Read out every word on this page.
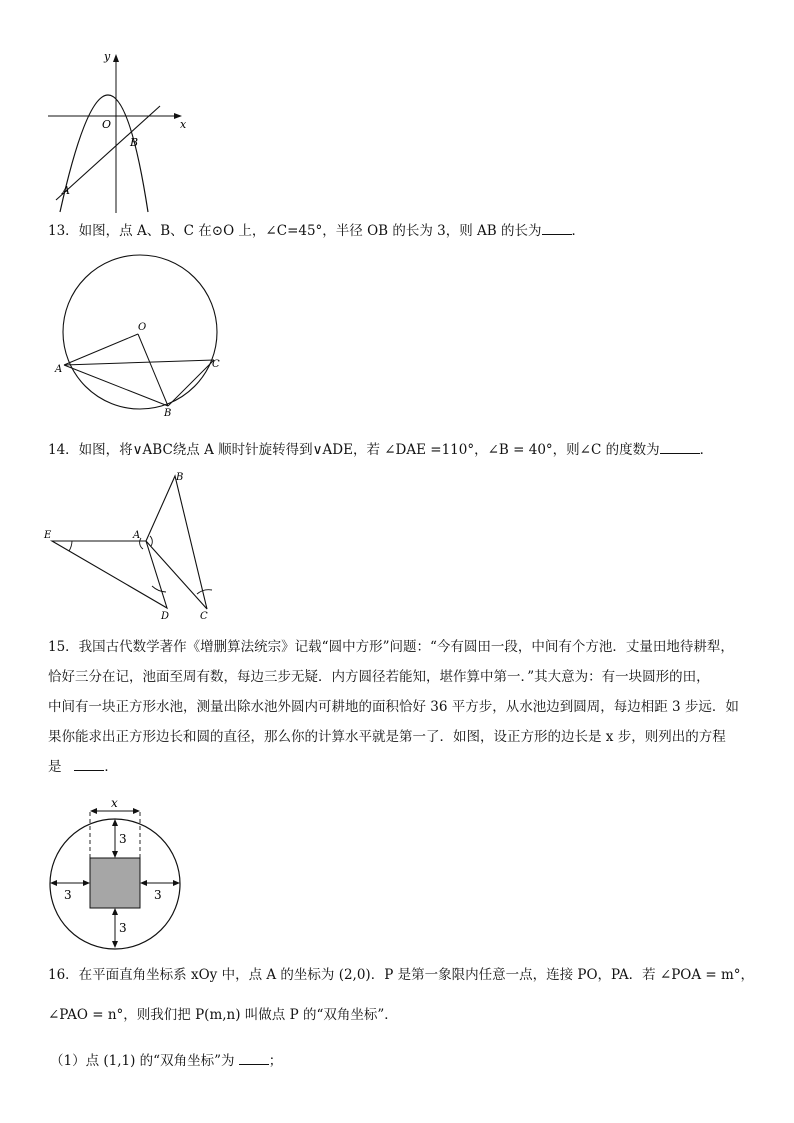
y
x
O
B
A
13．如图，点 A、B、C 在⊙O 上，∠C=45°，半径 OB 的长为 3，则 AB 的长为 ．
O
A
B
C
14．如图，将∨ABC绕点 A 顺时针旋转得到∨ADE，若 ∠DAE =110°，∠B = 40°，则∠C 的度数为	．
B
E	A
D	C
15．我国古代数学著作《增删算法统宗》记载“圆中方形”问题：“今有圆田一段，中间有个方池．丈量田地待耕犁，
恰好三分在记，池面至周有数，每边三步无疑．内方圆径若能知，堪作算中第一．”其大意为：有一块圆形的田，
中间有一块正方形水池，测量出除水池外圆内可耕地的面积恰好 36 平方步，从水池边到圆周，每边相距 3 步远．如
果你能求出正方形边长和圆的直径，那么你的计算水平就是第一了．如图，设正方形的边长是 x 步，则列出的方程
是	．
x
3
3	3
3
16．在平面直角坐标系 xOy 中，点 A 的坐标为 (2,0)．P 是第一象限内任意一点，连接 PO，PA．若 ∠POA = m°，
∠PAO = n°，则我们把 P(m,n) 叫做点 P 的“双角坐标”．
（1）点 (1,1) 的“双角坐标”为	；
